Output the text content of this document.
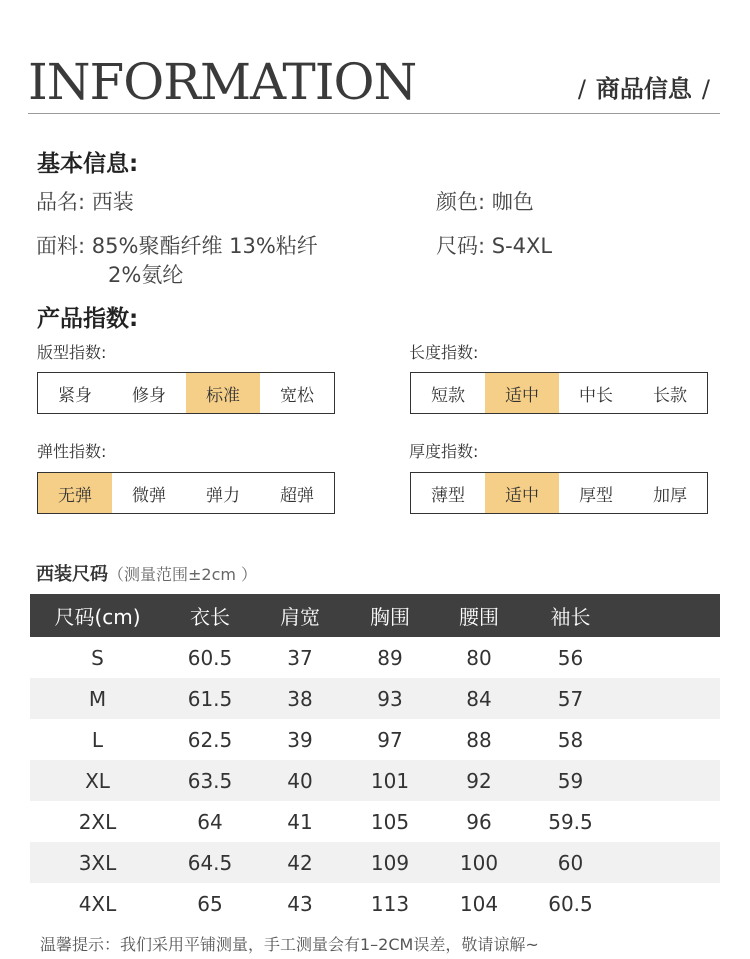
INFORMATION	/ 商品信息 /
基本信息:
品名: 西装	颜色: 咖色
面料: 85%聚酯纤维 13%粘纤
2%氨纶
尺码: S-4XL
产品指数:
版型指数:
紧身	修身	标准	宽松
长度指数:
短款	适中	中长	长款
弹性指数:
无弹	微弹	弹力	超弹
厚度指数:
薄型	适中	厚型	加厚
西装尺码（测量范围±2cm ）
尺码(cm)	衣长	肩宽	胸围	腰围	袖长	
S	60.5	37	89	80	56	
M	61.5	38	93	84	57	
L	62.5	39	97	88	58	
XL	63.5	40	101	92	59	
2XL	64	41	105	96	59.5	
3XL	64.5	42	109	100	60	
4XL	65	43	113	104	60.5	
温馨提示：我们采用平铺测量，手工测量会有1–2CM误差，敬请谅解~
